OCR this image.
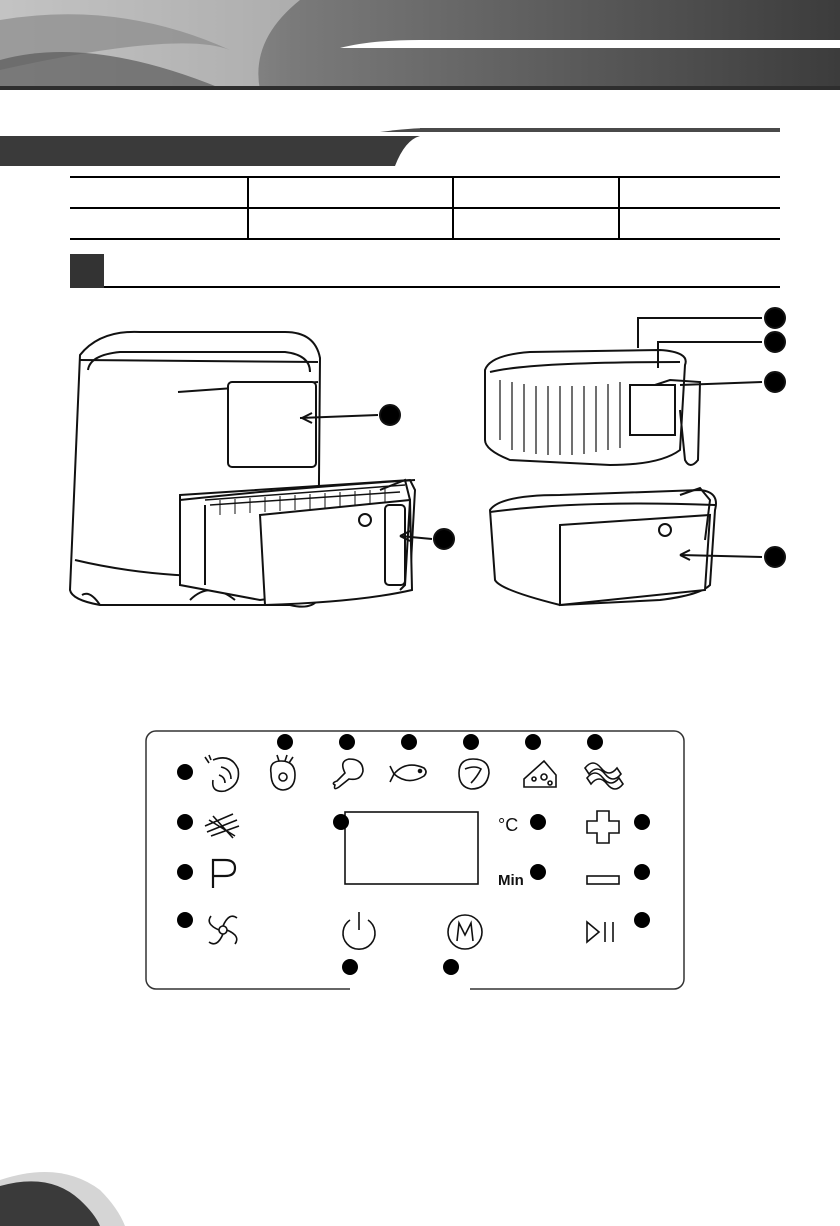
°C
Min
